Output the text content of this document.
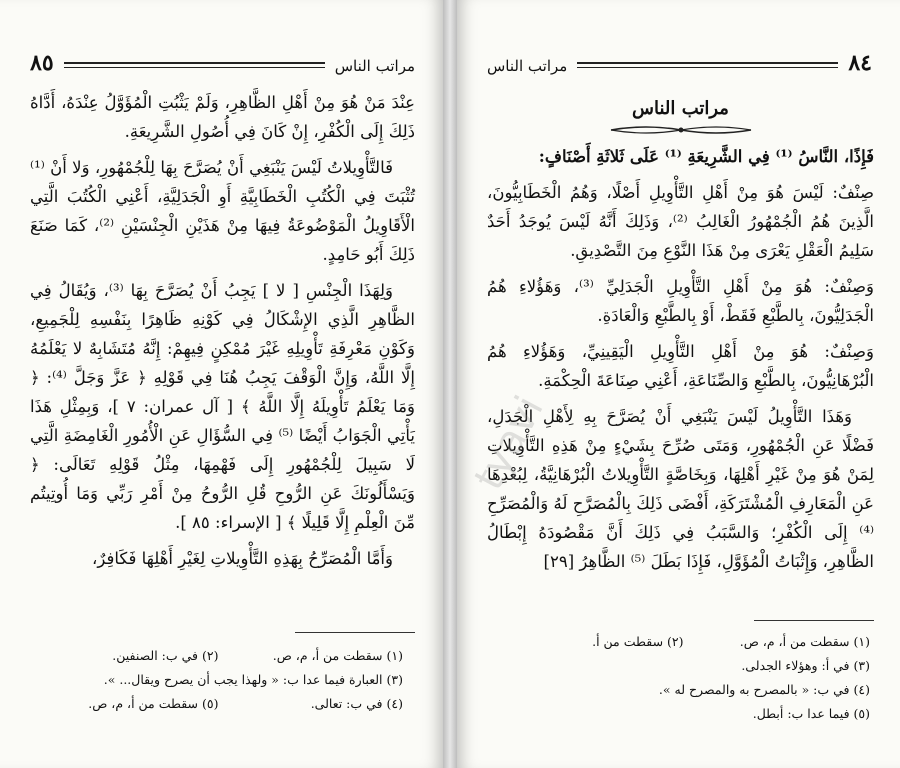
٨٥	مراتب الناس

عِنْدَ مَنْ هُوَ مِنْ أَهْلِ الظَّاهِرِ، وَلَمْ يَثْبُتِ الْمُؤَوَّلُ عِنْدَهُ، أَدَّاهُ ذَلِكَ إِلَى الْكُفْرِ، إِنْ كَانَ فِي أُصُولِ الشَّرِيعَةِ.

فَالتَّأْوِيلاتُ لَيْسَ يَنْبَغِي أَنْ يُصَرَّحَ بِهَا لِلْجُمْهُورِ، وَلا أَنْ ⁽¹⁾ تُثْبَتَ فِي الْكُتُبِ الْخَطَابِيَّةِ أَوِ الْجَدَلِيَّةِ، أَعْنِي الْكُتُبَ الَّتِي الْأَقَاوِيلُ الْمَوْضُوعَةُ فِيهَا مِنْ هَذَيْنِ الْجِنْسَيْنِ ⁽²⁾، كَمَا صَنَعَ ذَلِكَ أَبُو حَامِدٍ.

وَلِهَذَا الْجِنْسِ [ لا ] يَجِبُ أَنْ يُصَرَّحَ بِهَا ⁽³⁾، وَيُقَالُ فِي الظَّاهِرِ الَّذِي الإِشْكَالُ فِي كَوْنِهِ ظَاهِرًا بِنَفْسِهِ لِلْجَمِيعِ، وَكَوْنِ مَعْرِفَةِ تَأْوِيلِهِ غَيْرَ مُمْكِنٍ فِيهِمْ: إِنَّهُ مُتَشَابِهٌ لا يَعْلَمُهُ إِلَّا اللَّهُ، وَإِنَّ الْوَقْفَ يَجِبُ هُنَا فِي قَوْلِهِ ﴿ عَزَّ وَجَلَّ ⁽⁴⁾: ﴿ وَمَا يَعْلَمُ تَأْوِيلَهُ إِلَّا اللَّهُ ﴾ [ آل عمران: ٧ ]، وَبِمِثْلِ هَذَا يَأْتِي الْجَوَابُ أَيْضًا ⁽⁵⁾ فِي السُّؤَالِ عَنِ الْأُمُورِ الْغَامِضَةِ الَّتِي لَا سَبِيلَ لِلْجُمْهُورِ إِلَى فَهْمِهَا، مِثْلُ قَوْلِهِ تَعَالَى: ﴿ وَيَسْأَلُونَكَ عَنِ الرُّوحِ قُلِ الرُّوحُ مِنْ أَمْرِ رَبِّي وَمَا أُوتِيتُم مِّنَ الْعِلْمِ إِلَّا قَلِيلًا ﴾ [ الإسراء: ٨٥ ].

وَأَمَّا الْمُصَرِّحُ بِهَذِهِ التَّأْوِيلاتِ لِغَيْرِ أَهْلِهَا فَكَافِرٌ،

(١) سقطت من أ، م، ص.
(٢) في ب: الصنفين.
(٣) العبارة فيما عدا ب: « ولهذا يجب أن يصرح ويقال... ».
(٤) في ب: تعالى.
(٥) سقطت من أ، م، ص.
مراتب الناس	٨٤
مراتب الناس

فَإِذًا، النَّاسُ ⁽¹⁾ فِي الشَّرِيعَةِ ⁽¹⁾ عَلَى ثَلاثَةِ أَصْنَافٍ:

صِنْفٌ: لَيْسَ هُوَ مِنْ أَهْلِ التَّأْوِيلِ أَصْلًا، وَهُمُ الْخَطَابِيُّونَ، الَّذِينَ هُمُ الْجُمْهُورُ الْغَالِبُ ⁽²⁾، وَذَلِكَ أَنَّهُ لَيْسَ يُوجَدُ أَحَدٌ سَلِيمُ الْعَقْلِ يَعْرَى مِنْ هَذَا النَّوْعِ مِنَ التَّصْدِيقِ.

وَصِنْفٌ: هُوَ مِنْ أَهْلِ التَّأْوِيلِ الْجَدَلِيِّ ⁽³⁾، وَهَؤُلاءِ هُمُ الْجَدَلِيُّونَ، بِالطَّبْعِ فَقَطْ، أَوْ بِالطَّبْعِ وَالْعَادَةِ.

وَصِنْفٌ: هُوَ مِنْ أَهْلِ التَّأْوِيلِ الْيَقِينِيِّ، وَهَؤُلاءِ هُمُ الْبُرْهَانِيُّونَ، بِالطَّبْعِ وَالصِّنَاعَةِ، أَعْنِي صِنَاعَةَ الْحِكْمَةِ.

وَهَذَا التَّأْوِيلُ لَيْسَ يَنْبَغِي أَنْ يُصَرَّحَ بِهِ لِأَهْلِ الْجَدَلِ، فَضْلًا عَنِ الْجُمْهُورِ، وَمَتَى صُرِّحَ بِشَيْءٍ مِنْ هَذِهِ التَّأْوِيلاتِ لِمَنْ هُوَ مِنْ غَيْرِ أَهْلِهَا، وَبِخَاصَّةٍ التَّأْوِيلاتُ الْبُرْهَانِيَّةُ، لِبُعْدِهَا عَنِ الْمَعَارِفِ الْمُشْتَرَكَةِ، أَفْضَى ذَلِكَ بِالْمُصَرَّحِ لَهُ وَالْمُصَرِّحِ ⁽⁴⁾ إِلَى الْكُفْرِ؛ وَالسَّبَبُ فِي ذَلِكَ أَنَّ مَقْصُودَهُ إِبْطَالُ الظَّاهِرِ، وَإِثْبَاتُ الْمُؤَوَّلِ، فَإِذَا بَطَلَ ⁽⁵⁾ الظَّاهِرُ [٢٩]

(١) سقطت من أ، م، ص.
(٢) سقطت من أ.
(٣) في أ: وهؤلاء الجدلى.
(٤) في ب: « بالمصرح به والمصرح له ».
(٥) فيما عدا ب: أبطل.
tyavi
